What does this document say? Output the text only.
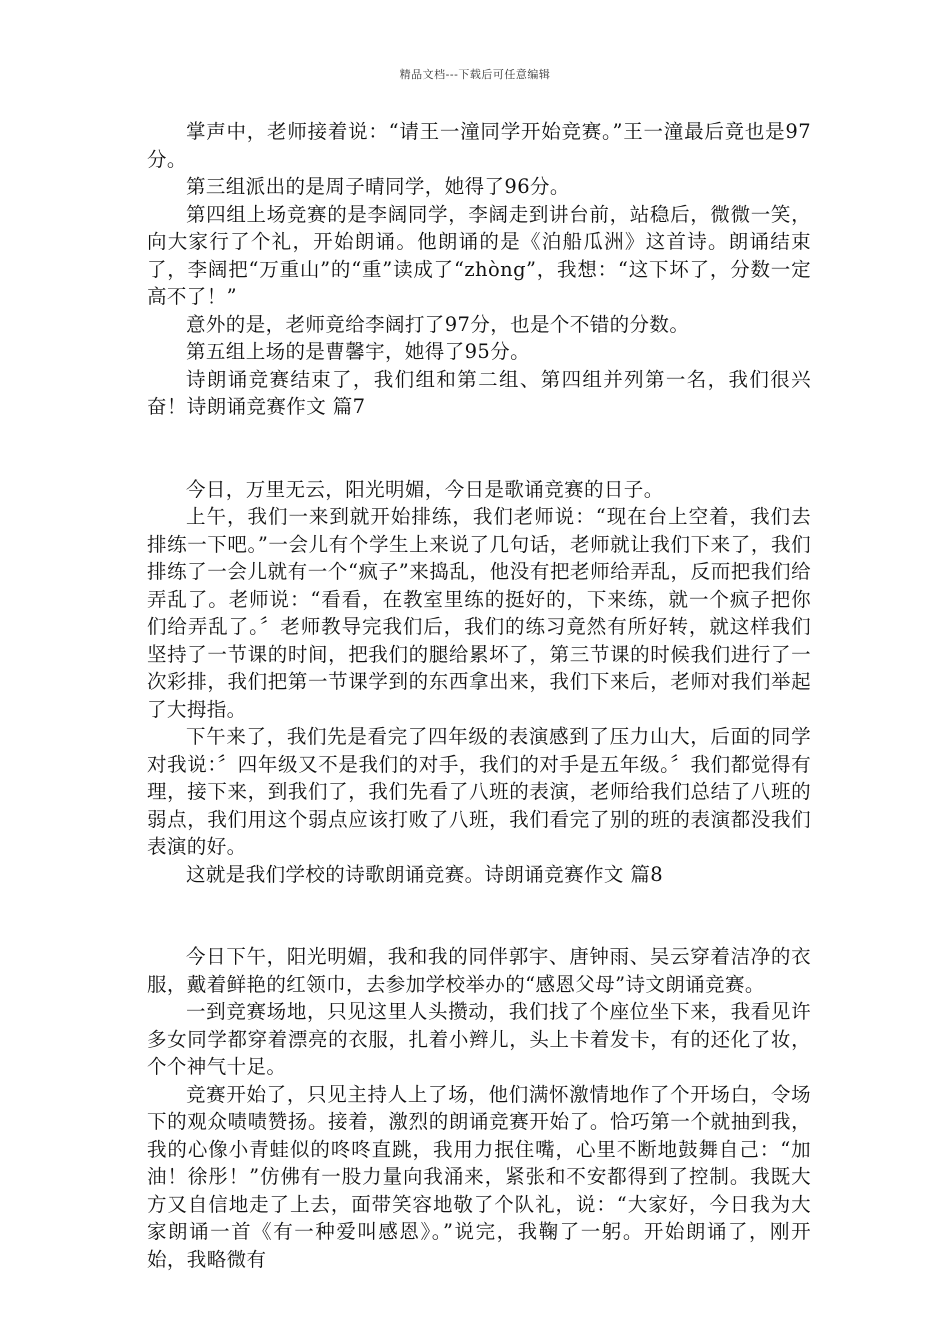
精品文档---下载后可任意编辑

掌声中，老师接着说：“请王一潼同学开始竞赛。”王一潼最后竟也是97分。

第三组派出的是周子晴同学，她得了96分。

第四组上场竞赛的是李阔同学，李阔走到讲台前，站稳后，微微一笑，向大家行了个礼，开始朗诵。他朗诵的是《泊船瓜洲》这首诗。朗诵结束了，李阔把“万重山”的“重”读成了“zhòng”，我想：“这下坏了，分数一定高不了！”

意外的是，老师竟给李阔打了97分，也是个不错的分数。

第五组上场的是曹馨宇，她得了95分。

诗朗诵竞赛结束了，我们组和第二组、第四组并列第一名，我们很兴奋！诗朗诵竞赛作文 篇7

今日，万里无云，阳光明媚，今日是歌诵竞赛的日子。

上午，我们一来到就开始排练，我们老师说：“现在台上空着，我们去排练一下吧。”一会儿有个学生上来说了几句话，老师就让我们下来了，我们排练了一会儿就有一个“疯子”来捣乱，他没有把老师给弄乱，反而把我们给弄乱了。老师说：“看看，在教室里练的挺好的，下来练，就一个疯子把你们给弄乱了。〞老师教导完我们后，我们的练习竟然有所好转，就这样我们坚持了一节课的时间，把我们的腿给累坏了，第三节课的时候我们进行了一次彩排，我们把第一节课学到的东西拿出来，我们下来后，老师对我们举起了大拇指。

下午来了，我们先是看完了四年级的表演感到了压力山大，后面的同学对我说：〞四年级又不是我们的对手，我们的对手是五年级。〞我们都觉得有理，接下来，到我们了，我们先看了八班的表演，老师给我们总结了八班的弱点，我们用这个弱点应该打败了八班，我们看完了别的班的表演都没我们表演的好。

这就是我们学校的诗歌朗诵竞赛。诗朗诵竞赛作文 篇8

今日下午，阳光明媚，我和我的同伴郭宇、唐钟雨、吴云穿着洁净的衣服，戴着鲜艳的红领巾，去参加学校举办的“感恩父母”诗文朗诵竞赛。

一到竞赛场地，只见这里人头攒动，我们找了个座位坐下来，我看见许多女同学都穿着漂亮的衣服，扎着小辫儿，头上卡着发卡，有的还化了妆，个个神气十足。

竞赛开始了，只见主持人上了场，他们满怀激情地作了个开场白，令场下的观众啧啧赞扬。接着，激烈的朗诵竞赛开始了。恰巧第一个就抽到我，我的心像小青蛙似的咚咚直跳，我用力抿住嘴，心里不断地鼓舞自己：“加油！徐彤！”仿佛有一股力量向我涌来，紧张和不安都得到了控制。我既大方又自信地走了上去，面带笑容地敬了个队礼，说：“大家好，今日我为大家朗诵一首《有一种爱叫感恩》。”说完，我鞠了一躬。开始朗诵了，刚开始，我略微有
